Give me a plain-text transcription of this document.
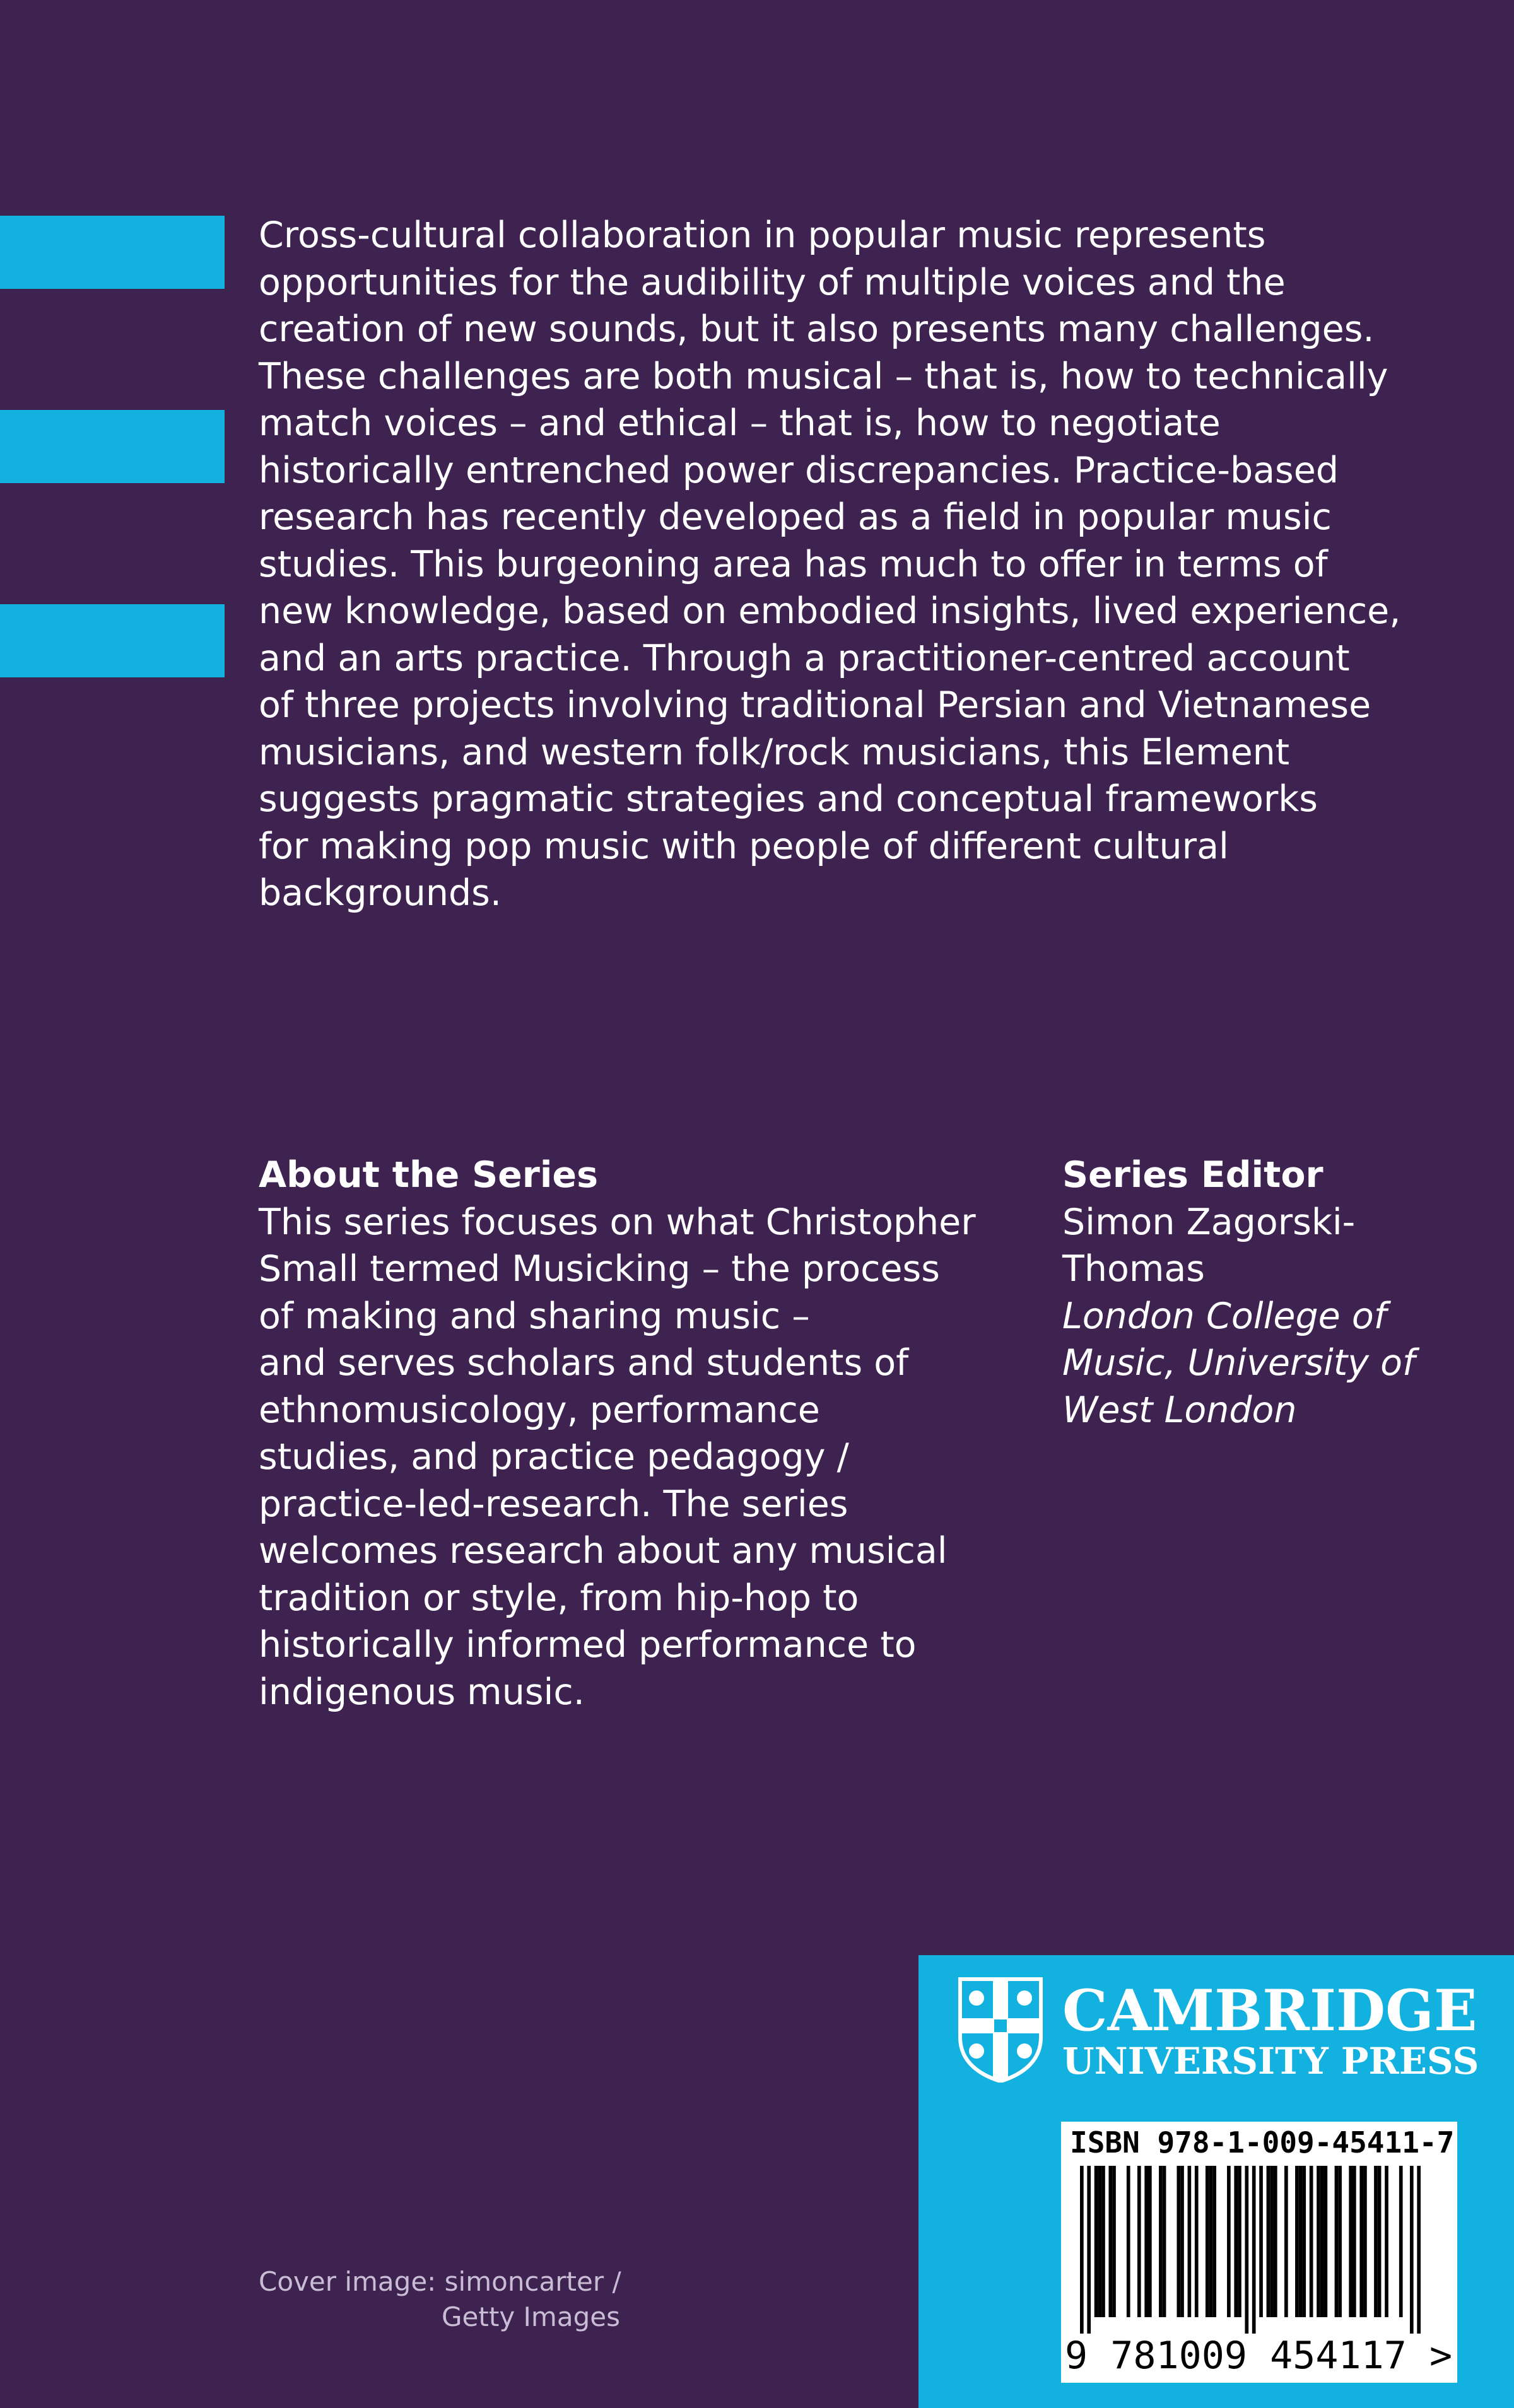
Cross-cultural collaboration in popular music represents
opportunities for the audibility of multiple voices and the
creation of new sounds, but it also presents many challenges.
These challenges are both musical – that is, how to technically
match voices – and ethical – that is, how to negotiate
historically entrenched power discrepancies. Practice-based
research has recently developed as a field in popular music
studies. This burgeoning area has much to offer in terms of
new knowledge, based on embodied insights, lived experience,
and an arts practice. Through a practitioner-centred account
of three projects involving traditional Persian and Vietnamese
musicians, and western folk/rock musicians, this Element
suggests pragmatic strategies and conceptual frameworks
for making pop music with people of different cultural
backgrounds.

About the Series

This series focuses on what Christopher
Small termed Musicking – the process
of making and sharing music –
and serves scholars and students of
ethnomusicology, performance
studies, and practice pedagogy /
practice-led-research. The series
welcomes research about any musical
tradition or style, from hip-hop to
historically informed performance to
indigenous music.

Series Editor

Simon Zagorski-
Thomas

London College of
Music, University of
West London

Cover image: simoncarter /
Getty Images
CAMBRIDGE
UNIVERSITY PRESS
ISBN 978-1-009-45411-7
9 781009 454117 >
